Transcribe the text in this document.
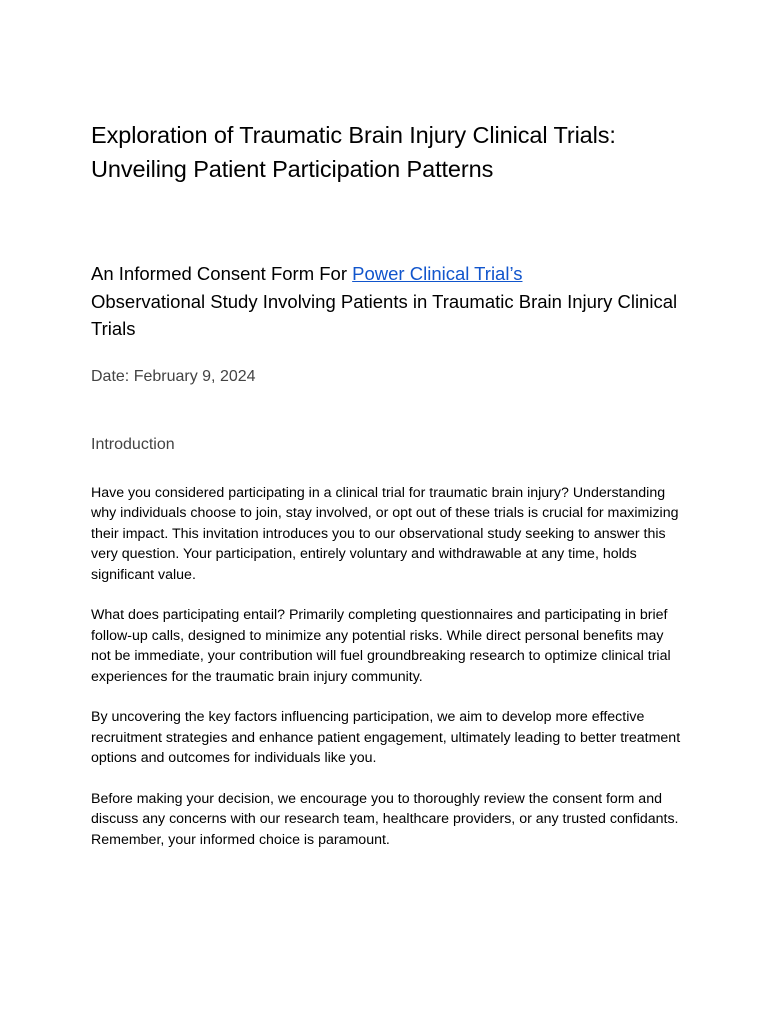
Exploration of Traumatic Brain Injury Clinical Trials:
Unveiling Patient Participation Patterns
An Informed Consent Form For Power Clinical Trial’s
Observational Study Involving Patients in Traumatic Brain Injury Clinical Trials

Date: February 9, 2024

Introduction

Have you considered participating in a clinical trial for traumatic brain injury? Understanding why individuals choose to join, stay involved, or opt out of these trials is crucial for maximizing their impact. This invitation introduces you to our observational study seeking to answer this very question. Your participation, entirely voluntary and withdrawable at any time, holds significant value.

What does participating entail? Primarily completing questionnaires and participating in brief follow-up calls, designed to minimize any potential risks. While direct personal benefits may not be immediate, your contribution will fuel groundbreaking research to optimize clinical trial experiences for the traumatic brain injury community.

By uncovering the key factors influencing participation, we aim to develop more effective recruitment strategies and enhance patient engagement, ultimately leading to better treatment options and outcomes for individuals like you.

Before making your decision, we encourage you to thoroughly review the consent form and discuss any concerns with our research team, healthcare providers, or any trusted confidants. Remember, your informed choice is paramount.
